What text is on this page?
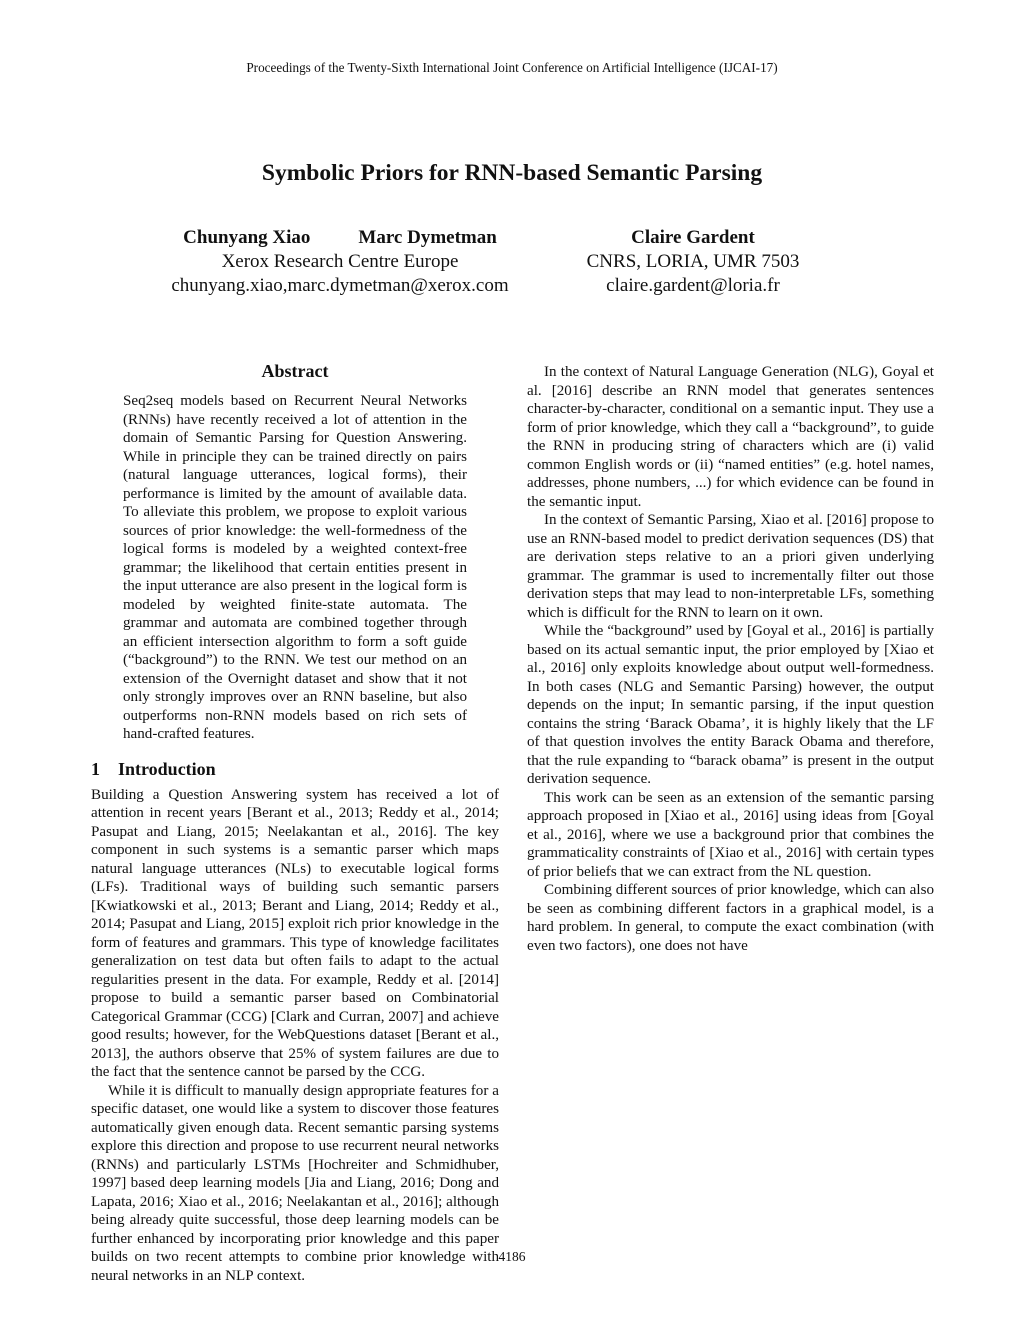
Proceedings of the Twenty-Sixth International Joint Conference on Artificial Intelligence (IJCAI-17)
Symbolic Priors for RNN-based Semantic Parsing
Chunyang Xiao	Marc Dymetman
Xerox Research Centre Europe
chunyang.xiao,marc.dymetman@xerox.com
Claire Gardent
CNRS, LORIA, UMR 7503
claire.gardent@loria.fr
Abstract
Seq2seq models based on Recurrent Neural Networks (RNNs) have recently received a lot of attention in the domain of Semantic Parsing for Question Answering. While in principle they can be trained directly on pairs (natural language utterances, logical forms), their performance is limited by the amount of available data. To alleviate this problem, we propose to exploit various sources of prior knowledge: the well-formedness of the logical forms is modeled by a weighted context-free grammar; the likelihood that certain entities present in the input utterance are also present in the logical form is modeled by weighted finite-state automata. The grammar and automata are combined together through an efficient intersection algorithm to form a soft guide (“background”) to the RNN. We test our method on an extension of the Overnight dataset and show that it not only strongly improves over an RNN baseline, but also outperforms non-RNN models based on rich sets of hand-crafted features.
1 Introduction

Building a Question Answering system has received a lot of attention in recent years [Berant et al., 2013; Reddy et al., 2014; Pasupat and Liang, 2015; Neelakantan et al., 2016]. The key component in such systems is a semantic parser which maps natural language utterances (NLs) to executable logical forms (LFs). Traditional ways of building such semantic parsers [Kwiatkowski et al., 2013; Berant and Liang, 2014; Reddy et al., 2014; Pasupat and Liang, 2015] exploit rich prior knowledge in the form of features and grammars. This type of knowledge facilitates generalization on test data but often fails to adapt to the actual regularities present in the data. For example, Reddy et al. [2014] propose to build a semantic parser based on Combinatorial Categorical Grammar (CCG) [Clark and Curran, 2007] and achieve good results; however, for the WebQuestions dataset [Berant et al., 2013], the authors observe that 25% of system failures are due to the fact that the sentence cannot be parsed by the CCG.

While it is difficult to manually design appropriate features for a specific dataset, one would like a system to discover those features automatically given enough data. Recent semantic parsing systems explore this direction and propose to use recurrent neural networks (RNNs) and particularly LSTMs [Hochreiter and Schmidhuber, 1997] based deep learning models [Jia and Liang, 2016; Dong and Lapata, 2016; Xiao et al., 2016; Neelakantan et al., 2016]; although being already quite successful, those deep learning models can be further enhanced by incorporating prior knowledge and this paper builds on two recent attempts to combine prior knowledge with neural networks in an NLP context.

In the context of Natural Language Generation (NLG), Goyal et al. [2016] describe an RNN model that generates sentences character-by-character, conditional on a semantic input. They use a form of prior knowledge, which they call a “background”, to guide the RNN in producing string of characters which are (i) valid common English words or (ii) “named entities” (e.g. hotel names, addresses, phone numbers, ...) for which evidence can be found in the semantic input.

In the context of Semantic Parsing, Xiao et al. [2016] propose to use an RNN-based model to predict derivation sequences (DS) that are derivation steps relative to an a priori given underlying grammar. The grammar is used to incrementally filter out those derivation steps that may lead to non-interpretable LFs, something which is difficult for the RNN to learn on it own.

While the “background” used by [Goyal et al., 2016] is partially based on its actual semantic input, the prior employed by [Xiao et al., 2016] only exploits knowledge about output well-formedness. In both cases (NLG and Semantic Parsing) however, the output depends on the input; In semantic parsing, if the input question contains the string ‘Barack Obama’, it is highly likely that the LF of that question involves the entity Barack Obama and therefore, that the rule expanding to “barack obama” is present in the output derivation sequence.

This work can be seen as an extension of the semantic parsing approach proposed in [Xiao et al., 2016] using ideas from [Goyal et al., 2016], where we use a background prior that combines the grammaticality constraints of [Xiao et al., 2016] with certain types of prior beliefs that we can extract from the NL question.

Combining different sources of prior knowledge, which can also be seen as combining different factors in a graphical model, is a hard problem. In general, to compute the exact combination (with even two factors), one does not have

4186
